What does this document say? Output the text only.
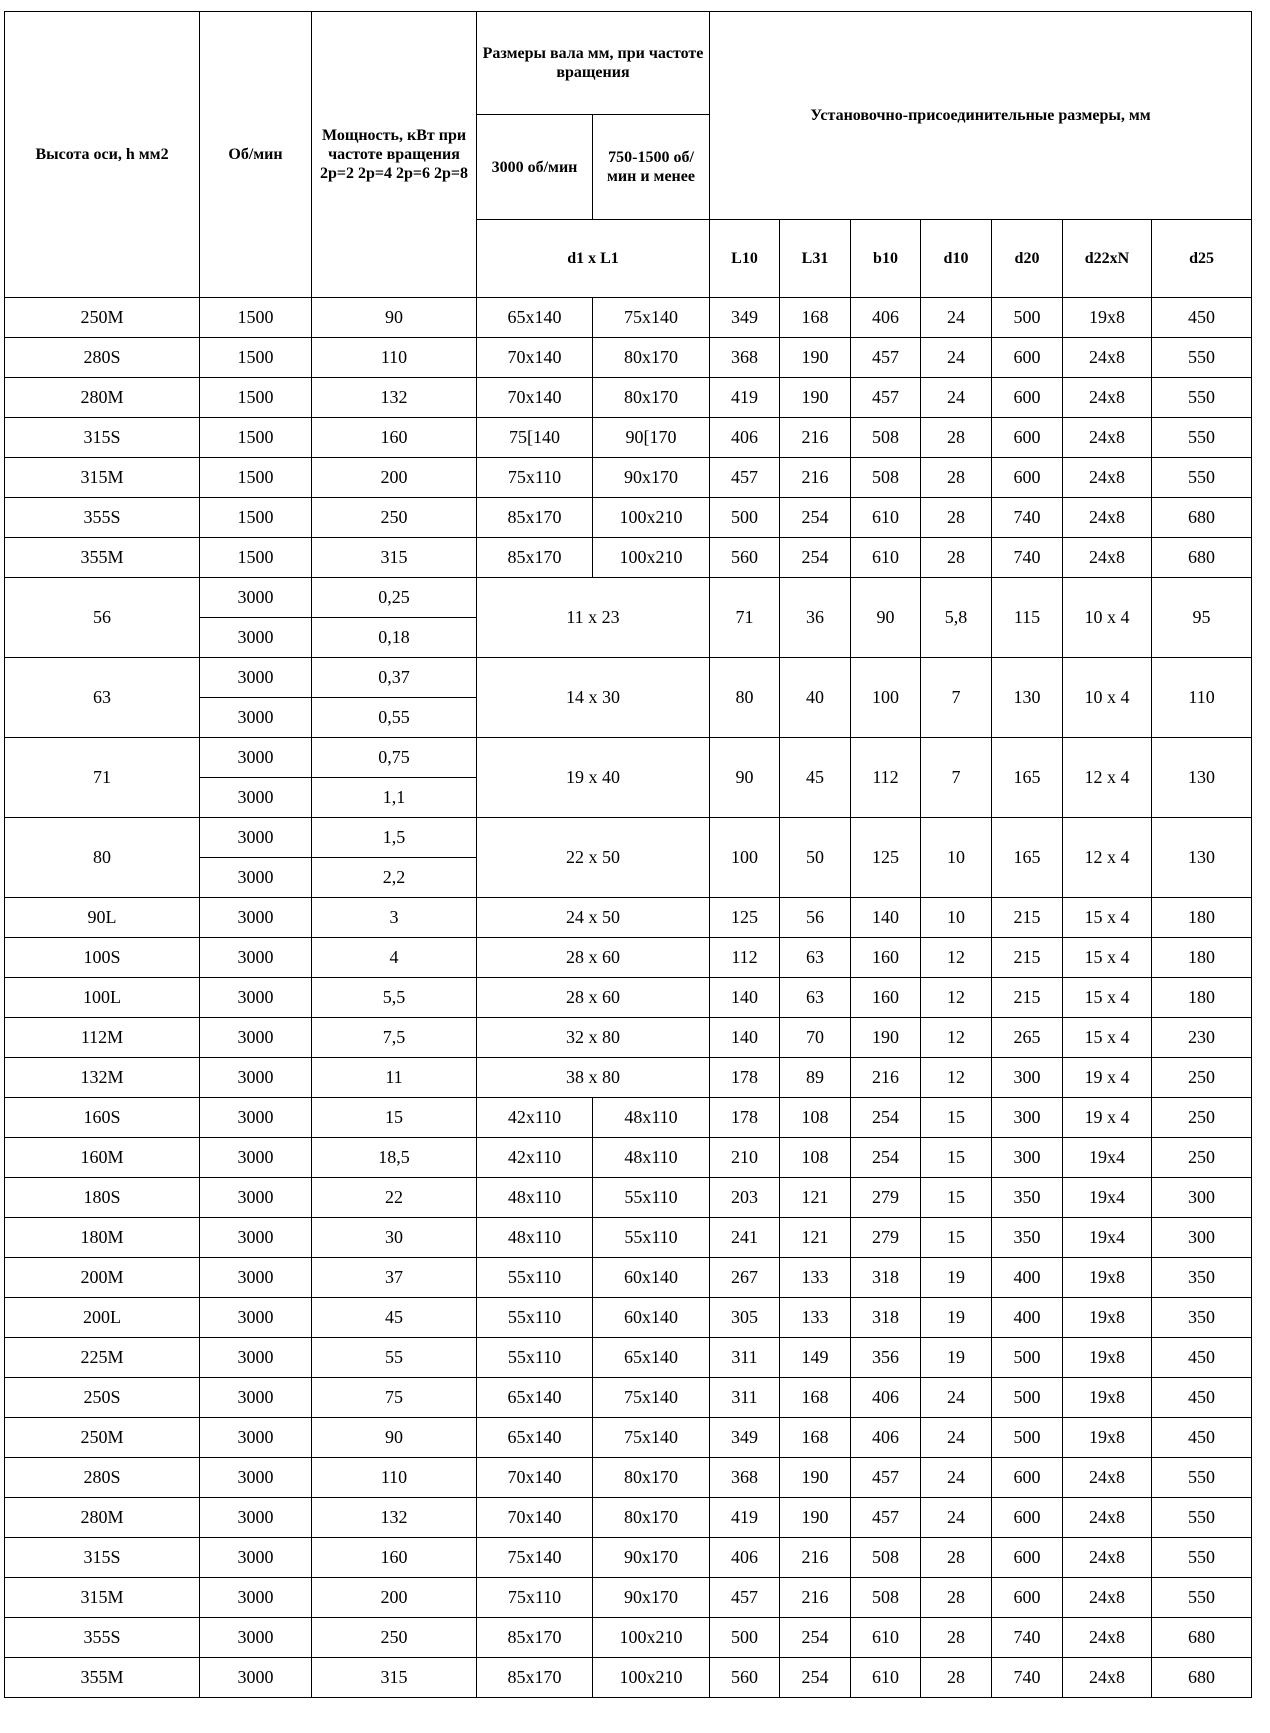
Высота оси, h мм2	Об/мин	Мощность, кВт при частоте вращения 2р=2 2р=4 2р=6 2р=8	Размеры вала мм, при частоте вращения		Установочно-присоединительные размеры, мм						
			3000 об/мин	750-1500 об/мин и менее							
			d1 x L1		L10	L31	b10	d10	d20	d22xN	d25
250M	1500	90	65x140	75x140	349	168	406	24	500	19x8	450
280S	1500	110	70x140	80x170	368	190	457	24	600	24x8	550
280M	1500	132	70x140	80x170	419	190	457	24	600	24x8	550
315S	1500	160	75[140	90[170	406	216	508	28	600	24x8	550
315M	1500	200	75x110	90x170	457	216	508	28	600	24x8	550
355S	1500	250	85x170	100x210	500	254	610	28	740	24x8	680
355M	1500	315	85x170	100x210	560	254	610	28	740	24x8	680
56	3000	0,25	11 x 23		71	36	90	5,8	115	10 x 4	95
	3000	0,18									
63	3000	0,37	14 x 30		80	40	100	7	130	10 x 4	110
	3000	0,55									
71	3000	0,75	19 x 40		90	45	112	7	165	12 x 4	130
	3000	1,1									
80	3000	1,5	22 x 50		100	50	125	10	165	12 x 4	130
	3000	2,2									
90L	3000	3	24 x 50		125	56	140	10	215	15 x 4	180
100S	3000	4	28 x 60		112	63	160	12	215	15 x 4	180
100L	3000	5,5	28 x 60		140	63	160	12	215	15 x 4	180
112M	3000	7,5	32 x 80		140	70	190	12	265	15 x 4	230
132M	3000	11	38 x 80		178	89	216	12	300	19 x 4	250
160S	3000	15	42x110	48x110	178	108	254	15	300	19 x 4	250
160M	3000	18,5	42x110	48x110	210	108	254	15	300	19x4	250
180S	3000	22	48x110	55x110	203	121	279	15	350	19x4	300
180M	3000	30	48x110	55x110	241	121	279	15	350	19x4	300
200M	3000	37	55x110	60x140	267	133	318	19	400	19x8	350
200L	3000	45	55x110	60x140	305	133	318	19	400	19x8	350
225M	3000	55	55x110	65x140	311	149	356	19	500	19x8	450
250S	3000	75	65x140	75x140	311	168	406	24	500	19x8	450
250M	3000	90	65x140	75x140	349	168	406	24	500	19x8	450
280S	3000	110	70x140	80x170	368	190	457	24	600	24x8	550
280M	3000	132	70x140	80x170	419	190	457	24	600	24x8	550
315S	3000	160	75x140	90x170	406	216	508	28	600	24x8	550
315M	3000	200	75x110	90x170	457	216	508	28	600	24x8	550
355S	3000	250	85x170	100x210	500	254	610	28	740	24x8	680
355M	3000	315	85x170	100x210	560	254	610	28	740	24x8	680
